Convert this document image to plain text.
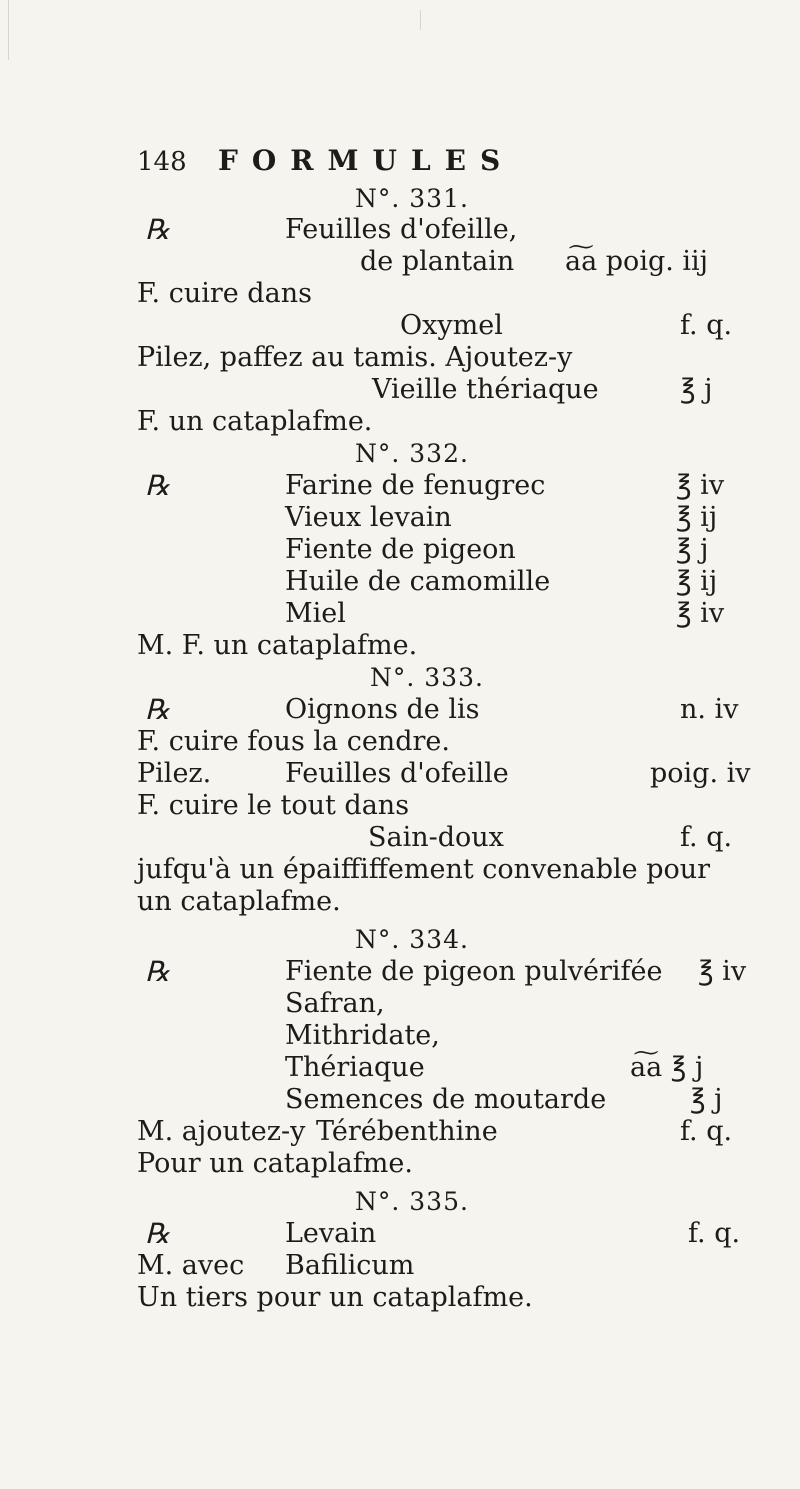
148 FORMULES
N°. 331.
℞	Feuilles d'ofeille,
de plantain a͠a poig. iij
F. cuire dans
Oxymel	f. q.
Pilez, paffez au tamis. Ajoutez-y
Vieille thériaque	℥ j
F. un cataplafme.
N°. 332.
℞	Farine de fenugrec	℥ iv
Vieux levain	℥ ij
Fiente de pigeon	℥ j
Huile de camomille	℥ ij
Miel	℥ iv
M. F. un cataplafme.
N°. 333.
℞	Oignons de lis	n. iv
F. cuire fous la cendre.
Pilez.	Feuilles d'ofeille	poig. iv
F. cuire le tout dans
Sain-doux	f. q.
jufqu'à un épaiffiffement convenable pour
un cataplafme.
N°. 334.
℞	Fiente de pigeon pulvérifée ℥ iv
Safran,
Mithridate,
Thériaque	a͠a ℥ j
Semences de moutarde	℥ j
M. ajoutez-y Térébenthine	f. q.
Pour un cataplafme.
N°. 335.
℞	Levain	f. q.
M. avec Bafilicum
Un tiers pour un cataplafme.
